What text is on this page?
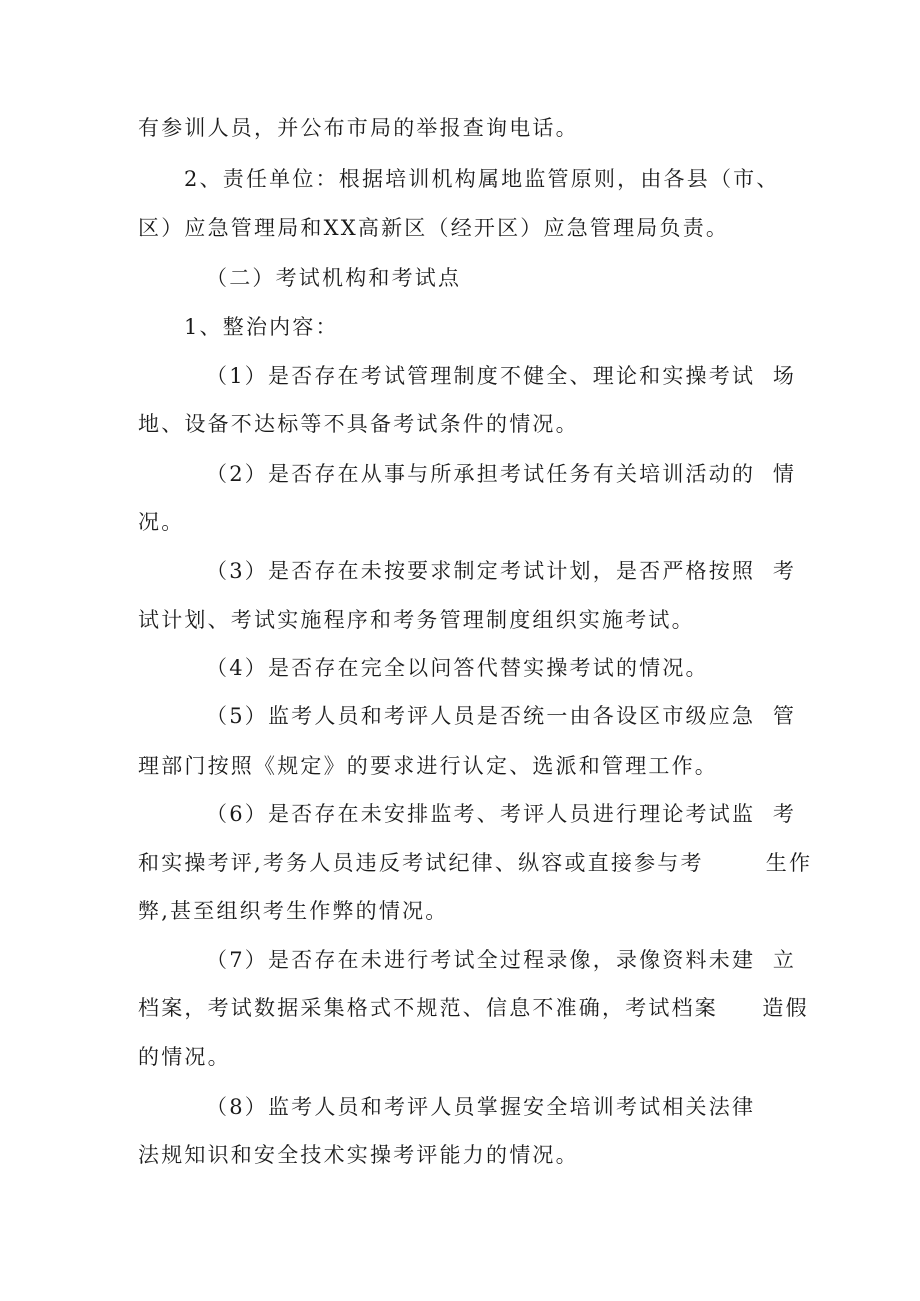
有参训人员，并公布市局的举报查询电话。
2、责任单位：根据培训机构属地监管原则，由各县（市、
区）应急管理局和XX高新区（经开区）应急管理局负责。
（二）考试机构和考试点
1、整治内容：
（1）是否存在考试管理制度不健全、理论和实操考试  场
地、设备不达标等不具备考试条件的情况。
（2）是否存在从事与所承担考试任务有关培训活动的  情
况。
（3）是否存在未按要求制定考试计划，是否严格按照  考
试计划、考试实施程序和考务管理制度组织实施考试。
（4）是否存在完全以问答代替实操考试的情况。
（5）监考人员和考评人员是否统一由各设区市级应急  管
理部门按照《规定》的要求进行认定、选派和管理工作。
（6）是否存在未安排监考、考评人员进行理论考试监  考
和实操考评,考务人员违反考试纪律、纵容或直接参与考       生作
弊,甚至组织考生作弊的情况。
（7）是否存在未进行考试全过程录像，录像资料未建  立
档案，考试数据采集格式不规范、信息不准确，考试档案     造假
的情况。
（8）监考人员和考评人员掌握安全培训考试相关法律
法规知识和安全技术实操考评能力的情况。
